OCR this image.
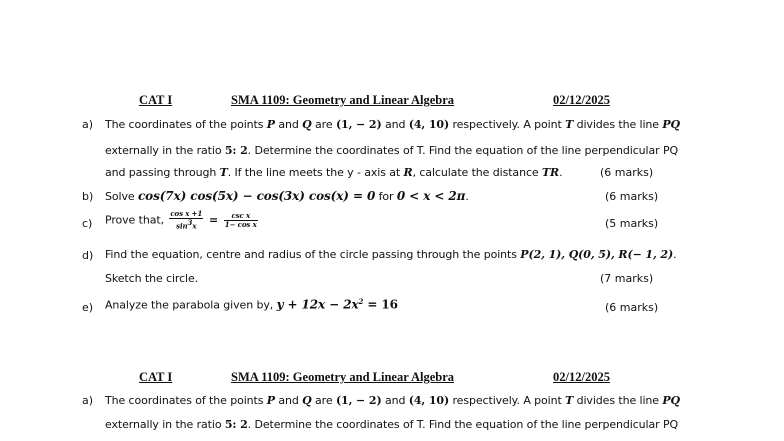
CAT I	SMA 1109: Geometry and Linear Algebra	02/12/2025
a) The coordinates of the points P and Q are (1, − 2) and (4, 10) respectively. A point T divides the line PQ
externally in the ratio 5: 2. Determine the coordinates of T. Find the equation of the line perpendicular PQ
and passing through T. If the line meets the y - axis at R, calculate the distance TR.	(6 marks)
b) Solve cos(7x) cos(5x) − cos(3x) cos(x) = 0 for 0 < x < 2π.	(6 marks)
c) Prove that, $\frac{\text{cos x +1}}{\sin^3x} = \frac{\text{csc x}}{\text{1− cos x}}$	(5 marks)
d) Find the equation, centre and radius of the circle passing through the points P(2, 1), Q(0, 5), R(− 1, 2).
Sketch the circle.	(7 marks)
e) Analyze the parabola given by, $y + 12x - 2x^2 = 16$	(6 marks)
CAT I	SMA 1109: Geometry and Linear Algebra	02/12/2025
a) The coordinates of the points P and Q are (1, − 2) and (4, 10) respectively. A point T divides the line PQ
externally in the ratio 5: 2. Determine the coordinates of T. Find the equation of the line perpendicular PQ
